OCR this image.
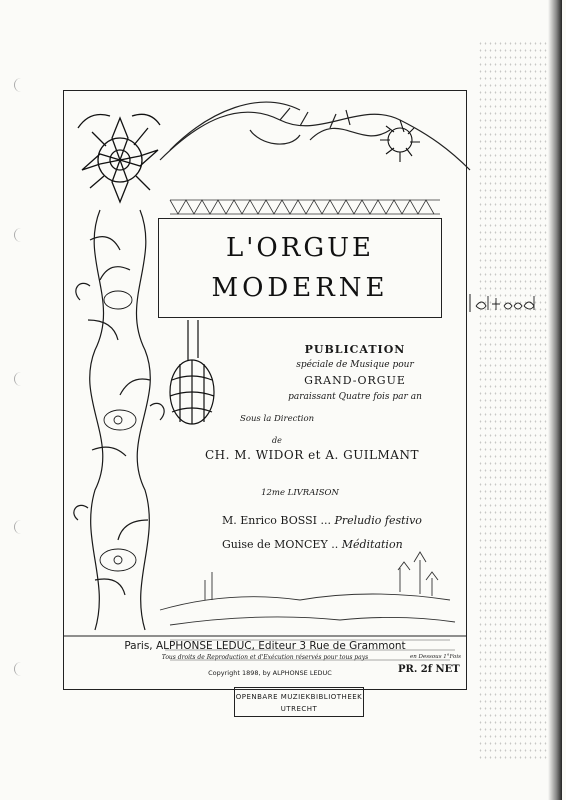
L'ORGUE
MODERNE
PUBLICATION
spéciale de Musique pour
GRAND-ORGUE
paraissant Quatre fois par an
Sous la Direction
de
CH. M. WIDOR et A. GUILMANT
12me LIVRAISON
M. Enrico BOSSI ... Preludio festivo
Guise de MONCEY .. Méditation
Paris, ALPHONSE LEDUC, Editeur 3 Rue de Grammont
Tous droits de Reproduction et d'Exécution réservés pour tous pays	en Dessous 1°Fois
Copyright 1898, by ALPHONSE LEDUC	PR. 2f NET
OPENBARE MUZIEKBIBLIOTHEEK
UTRECHT
